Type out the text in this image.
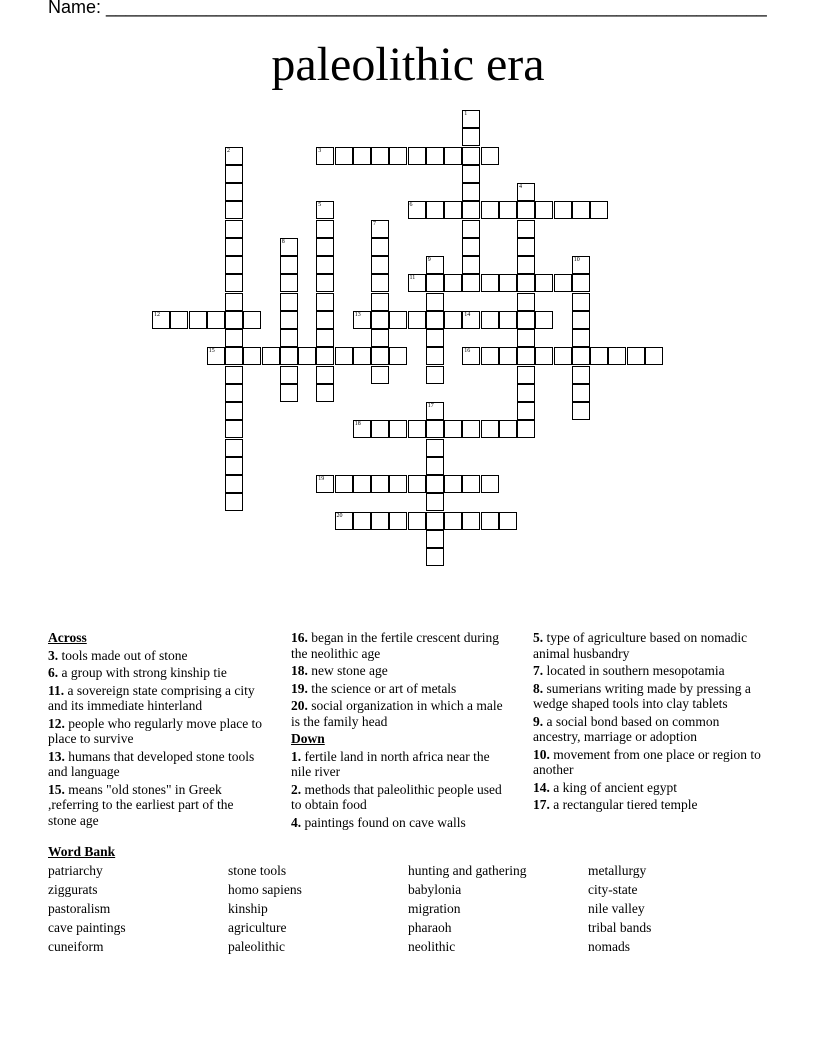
Name: __________________________________________________________________
paleolithic era
1
2	3
4
5	6
7
8
9	10
11
12	13	14
15	16
17
18
19
20
Across
3. tools made out of stone
6. a group with strong kinship tie
11. a sovereign state comprising a city and its immediate hinterland
12. people who regularly move place to place to survive
13. humans that developed stone tools and language
15. means "old stones" in Greek ,referring to the earliest part of the stone age
16. began in the fertile crescent during the neolithic age
18. new stone age
19. the science or art of metals
20. social organization in which a male is the family head
Down
1. fertile land in north africa near the nile river
2. methods that paleolithic people used to obtain food
4. paintings found on cave walls
5. type of agriculture based on nomadic animal husbandry
7. located in southern mesopotamia
8. sumerians writing made by pressing a wedge shaped tools into clay tablets
9. a social bond based on common ancestry, marriage or adoption
10. movement from one place or region to another
14. a king of ancient egypt
17. a rectangular tiered temple
Word Bank
patriarchy	stone tools	hunting and gathering	metallurgy
ziggurats	homo sapiens	babylonia	city-state
pastoralism	kinship	migration	nile valley
cave paintings	agriculture	pharaoh	tribal bands
cuneiform	paleolithic	neolithic	nomads
